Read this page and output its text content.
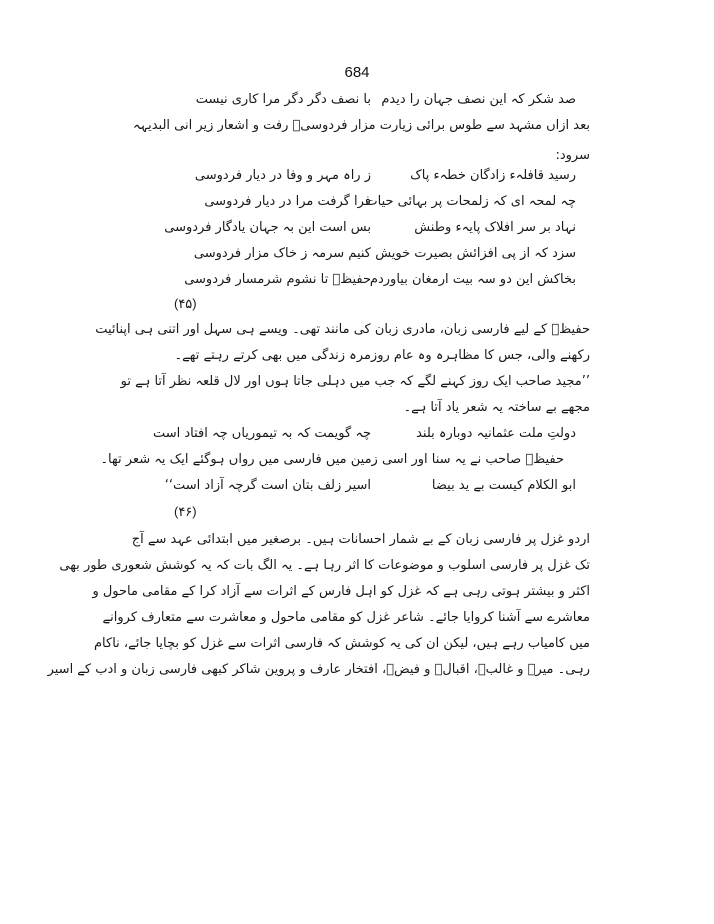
684
صد شکر کہ این نصف جہان را دیدم
با نصف دگر دگر مرا کاری نیست
بعد ازاں مشہد سے طوس برائی زیارت مزار فردوسیؔ رفت و اشعار زیر انی البدیہہ
سرود:
رسید قافلہء زادگان خطہء پاک
ز راہ مہر و وفا در دیار فردوسی
چہ لمحہ ای کہ زلمحات پر بہائی حیات
فرا گرفت مرا در دیار فردوسی
نہاد بر سر افلاک پایہء وطنش
بس است این بہ جہان یادگار فردوسی
سزد کہ از پی افزائش بصیرت خویش
کنیم سرمہ ز خاک مزار فردوسی
بخاکش این دو سہ بیت ارمغان بیاوردم
حفیظؔ تا نشوم شرمسار فردوسی
(۴۵)
حفیظؔ کے لیے فارسی زبان، مادری زبان کی مانند تھی۔ ویسے ہی سہل اور اتنی ہی اپنائیت
رکھنے والی، جس کا مظاہرہ وہ عام روزمرہ زندگی میں بھی کرتے رہتے تھے۔
’’مجید صاحب ایک روز کہنے لگے کہ جب میں دہلی جاتا ہوں اور لال قلعہ نظر آتا ہے تو
مجھے بے ساختہ یہ شعر یاد آتا ہے۔
دولتِ ملت عثمانیہ دوبارہ بلند
چہ گویمت کہ بہ تیموریاں چہ افتاد است
حفیظؔ صاحب نے یہ سنا اور اسی زمین میں فارسی میں رواں ہوگئے ایک یہ شعر تھا۔
ابو الکلام کیست بے ید بیضا
اسیر زلف بتان است گرچہ آزاد است‘‘
(۴۶)
اردو غزل پر فارسی زبان کے بے شمار احسانات ہیں۔ برصغیر میں ابتدائی عہد سے آج
تک غزل پر فارسی اسلوب و موضوعات کا اثر رہا ہے۔ یہ الگ بات کہ یہ کوشش شعوری طور بھی
اکثر و بیشتر ہوتی رہی ہے کہ غزل کو اہل فارس کے اثرات سے آزاد کرا کے مقامی ماحول و
معاشرے سے آشنا کروایا جائے۔ شاعر غزل کو مقامی ماحول و معاشرت سے متعارف کروانے
میں کامیاب رہے ہیں، لیکن ان کی یہ کوشش کہ فارسی اثرات سے غزل کو بچایا جائے، ناکام
رہی۔ میرؔ و غالبؔ، اقبالؔ و فیضؔ، افتخار عارف و پروین شاکر کبھی فارسی زبان و ادب کے اسیر
